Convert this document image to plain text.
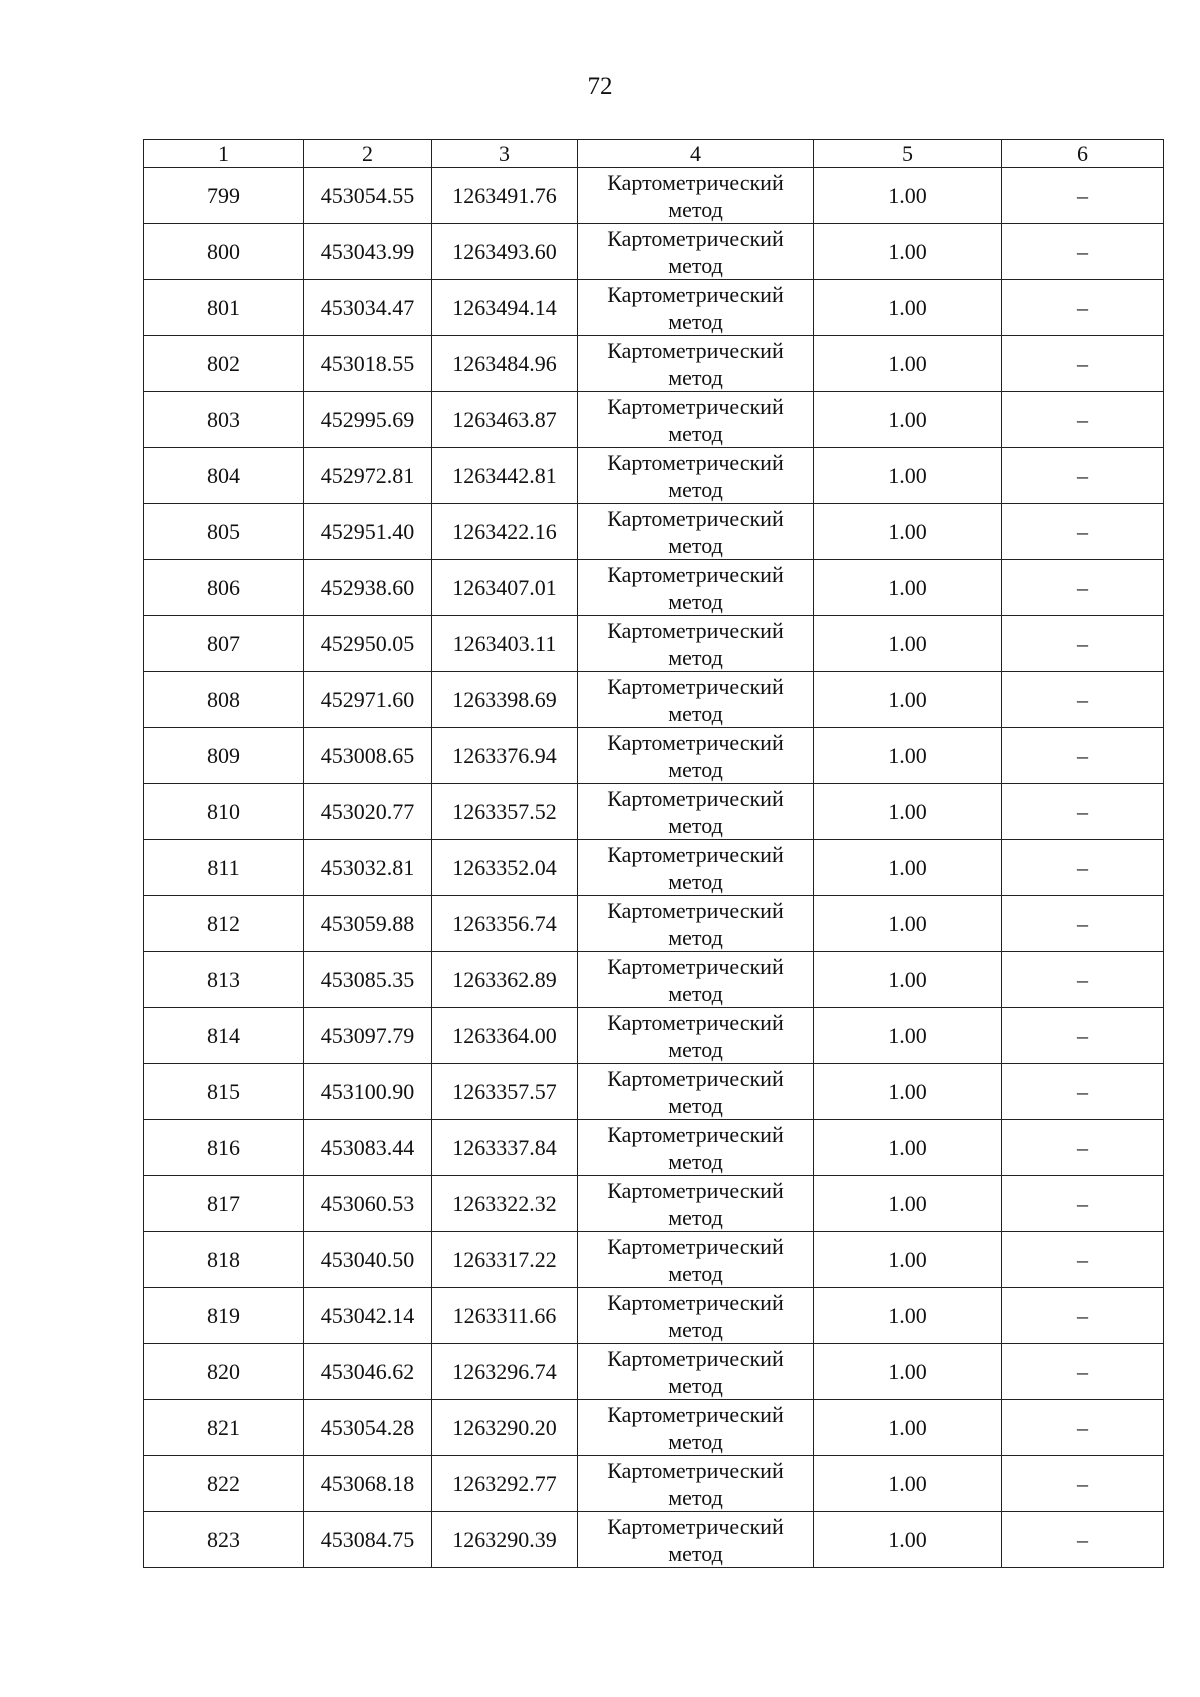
72
1	2	3	4	5	6
799	453054.55	1263491.76	Картометрический метод	1.00	–
800	453043.99	1263493.60	Картометрический метод	1.00	–
801	453034.47	1263494.14	Картометрический метод	1.00	–
802	453018.55	1263484.96	Картометрический метод	1.00	–
803	452995.69	1263463.87	Картометрический метод	1.00	–
804	452972.81	1263442.81	Картометрический метод	1.00	–
805	452951.40	1263422.16	Картометрический метод	1.00	–
806	452938.60	1263407.01	Картометрический метод	1.00	–
807	452950.05	1263403.11	Картометрический метод	1.00	–
808	452971.60	1263398.69	Картометрический метод	1.00	–
809	453008.65	1263376.94	Картометрический метод	1.00	–
810	453020.77	1263357.52	Картометрический метод	1.00	–
811	453032.81	1263352.04	Картометрический метод	1.00	–
812	453059.88	1263356.74	Картометрический метод	1.00	–
813	453085.35	1263362.89	Картометрический метод	1.00	–
814	453097.79	1263364.00	Картометрический метод	1.00	–
815	453100.90	1263357.57	Картометрический метод	1.00	–
816	453083.44	1263337.84	Картометрический метод	1.00	–
817	453060.53	1263322.32	Картометрический метод	1.00	–
818	453040.50	1263317.22	Картометрический метод	1.00	–
819	453042.14	1263311.66	Картометрический метод	1.00	–
820	453046.62	1263296.74	Картометрический метод	1.00	–
821	453054.28	1263290.20	Картометрический метод	1.00	–
822	453068.18	1263292.77	Картометрический метод	1.00	–
823	453084.75	1263290.39	Картометрический метод	1.00	–
